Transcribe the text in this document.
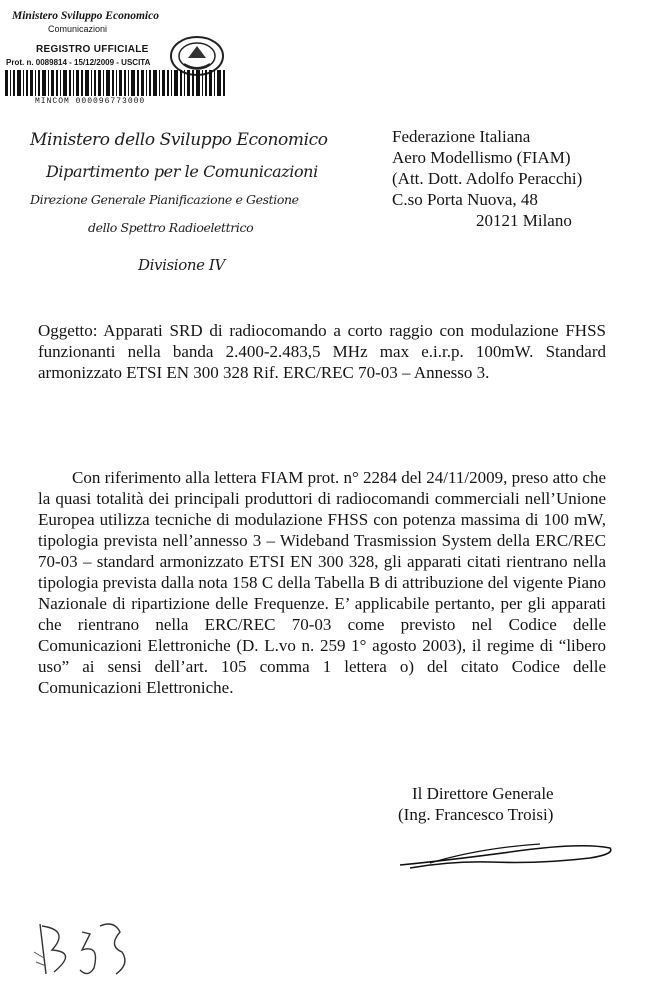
Ministero Sviluppo Economico
Comunicazioni
REGISTRO UFFICIALE
Prot. n. 0089814 - 15/12/2009 - USCITA
MINCOM 000096773000
Ministero dello Sviluppo Economico
Dipartimento per le Comunicazioni
Direzione Generale Pianificazione e Gestione
dello Spettro Radioelettrico
Divisione IV
Federazione Italiana
Aero Modellismo (FIAM)
(Att. Dott. Adolfo Peracchi)
C.so Porta Nuova, 48
20121 Milano
Oggetto: Apparati SRD di radiocomando a corto raggio con modulazione FHSS funzionanti nella banda 2.400-2.483,5 MHz max e.i.r.p. 100mW. Standard armonizzato ETSI EN 300 328 Rif. ERC/REC 70-03 – Annesso 3.
Con riferimento alla lettera FIAM prot. n° 2284 del 24/11/2009, preso atto che la quasi totalità dei principali produttori di radiocomandi commerciali nell’Unione Europea utilizza tecniche di modulazione FHSS con potenza massima di 100 mW, tipologia prevista nell’annesso 3 – Wideband Trasmission System della ERC/REC 70-03 – standard armonizzato ETSI EN 300 328, gli apparati citati rientrano nella tipologia prevista dalla nota 158 C della Tabella B di attribuzione del vigente Piano Nazionale di ripartizione delle Frequenze. E’ applicabile pertanto, per gli apparati che rientrano nella ERC/REC 70-03 come previsto nel Codice delle Comunicazioni Elettroniche (D. L.vo n. 259 1° agosto 2003), il regime di “libero uso” ai sensi dell’art. 105 comma 1 lettera o) del citato Codice delle Comunicazioni Elettroniche.
Il Direttore Generale
(Ing. Francesco Troisi)
